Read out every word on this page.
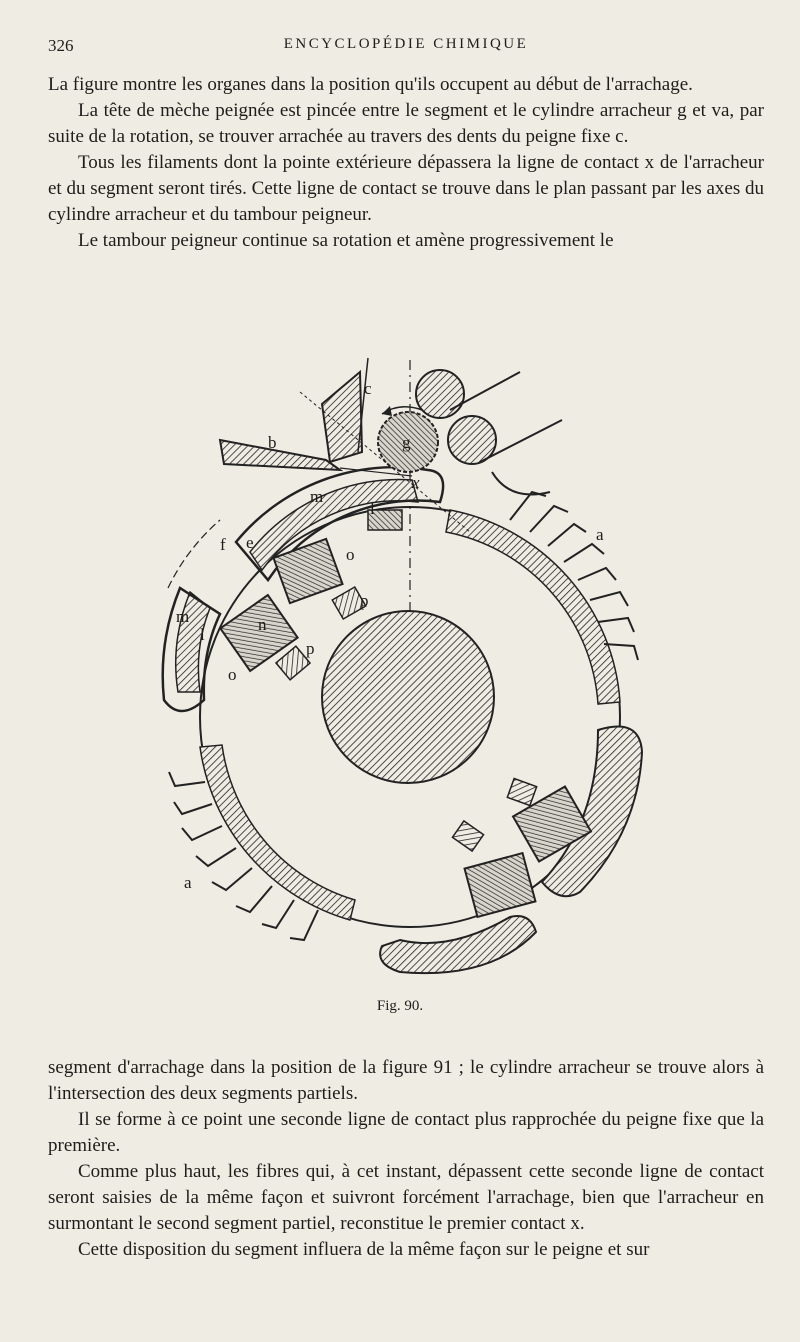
326	ENCYCLOPÉDIE CHIMIQUE

La figure montre les organes dans la position qu'ils occupent au début de l'arrachage.

La tête de mèche peignée est pincée entre le segment et le cylindre arracheur g et va, par suite de la rotation, se trouver arrachée au travers des dents du peigne fixe c.

Tous les filaments dont la pointe extérieure dépassera la ligne de contact x de l'arracheur et du segment seront tirés. Cette ligne de contact se trouve dans le plan passant par les axes du cylindre arracheur et du tambour peigneur.

Le tambour peigneur continue sa rotation et amène progressivement le

b
c
g
a
a
m
m
f e
l
l
o
o
p
p
n
x
Fig. 90.

segment d'arrachage dans la position de la figure 91 ; le cylindre arracheur se trouve alors à l'intersection des deux segments partiels.

Il se forme à ce point une seconde ligne de contact plus rapprochée du peigne fixe que la première.

Comme plus haut, les fibres qui, à cet instant, dépassent cette seconde ligne de contact seront saisies de la même façon et suivront forcément l'arrachage, bien que l'arracheur en surmontant le second segment partiel, reconstitue le premier contact x.

Cette disposition du segment influera de la même façon sur le peigne et sur
